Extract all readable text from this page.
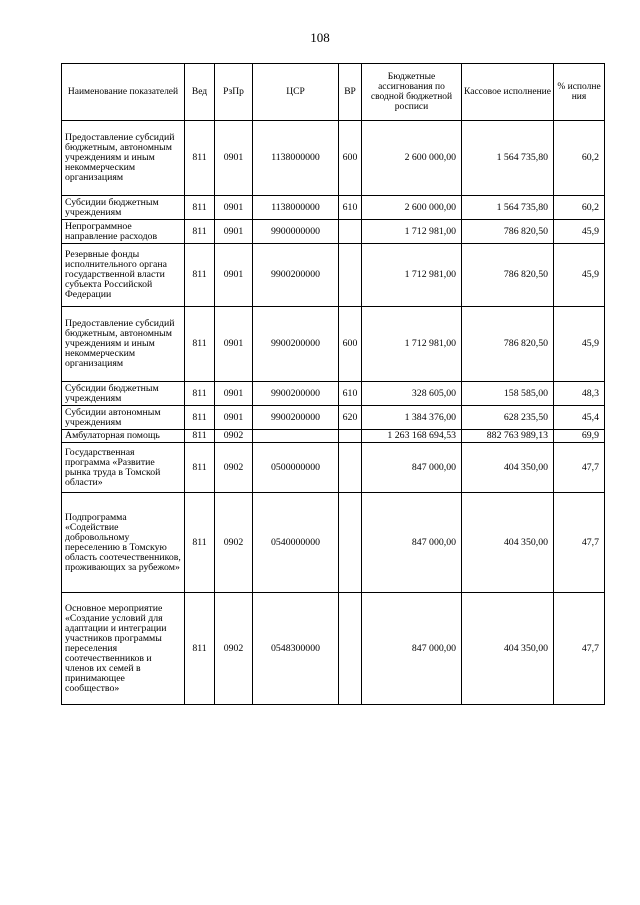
108
Наименование показателей	Вед	РзПр	ЦСР	ВР	Бюджетные ассигнования по сводной бюджетной росписи	Кассовое исполнение	% исполне ния
Предоставление субсидий бюджетным, автономным учреждениям и иным некоммерческим организациям	811	0901	1138000000	600	2 600 000,00	1 564 735,80	60,2
Субсидии бюджетным учреждениям	811	0901	1138000000	610	2 600 000,00	1 564 735,80	60,2
Непрограммное направление расходов	811	0901	9900000000		1 712 981,00	786 820,50	45,9
Резервные фонды исполнительного органа государственной власти субъекта Российской Федерации	811	0901	9900200000		1 712 981,00	786 820,50	45,9
Предоставление субсидий бюджетным, автономным учреждениям и иным некоммерческим организациям	811	0901	9900200000	600	1 712 981,00	786 820,50	45,9
Субсидии бюджетным учреждениям	811	0901	9900200000	610	328 605,00	158 585,00	48,3
Субсидии автономным учреждениям	811	0901	9900200000	620	1 384 376,00	628 235,50	45,4
Амбулаторная помощь	811	0902			1 263 168 694,53	882 763 989,13	69,9
Государственная программа «Развитие рынка труда в Томской области»	811	0902	0500000000		847 000,00	404 350,00	47,7
Подпрограмма «Содействие добровольному переселению в Томскую область соотечественников, проживающих за рубежом»	811	0902	0540000000		847 000,00	404 350,00	47,7
Основное мероприятие «Создание условий для адаптации и интеграции участников программы переселения соотечественников и членов их семей в принимающее сообщество»	811	0902	0548300000		847 000,00	404 350,00	47,7
